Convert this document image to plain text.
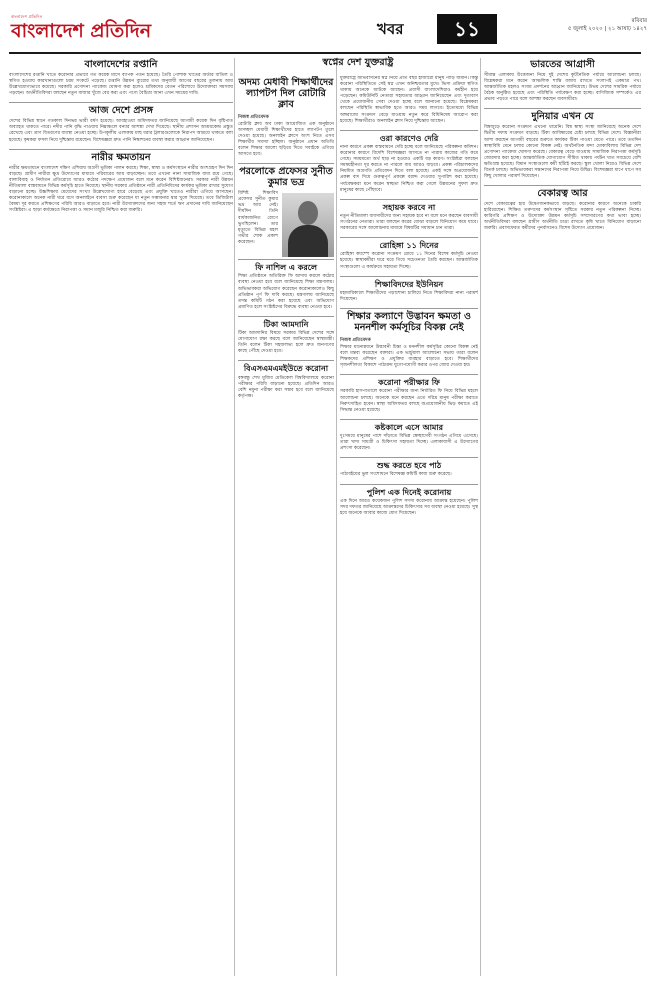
বাংলাদেশ প্রতিদিন
বাংলাদেশ প্রতিদিন	খবর	১১	রবিবার
৫ জুলাই ২০২০ | ২১ আষাঢ় ১৪২৭
বাংলাদেশের রপ্তানি
বাংলাদেশের রপ্তানি খাতে করোনার প্রভাবে গত কয়েক মাসে ব্যাপক পতন হয়েছে। তৈরি পোশাক খাতের অর্ডার বাতিল ও স্থগিত হওয়ায় কারখানাগুলো চরম সংকটে পড়েছে। রপ্তানি উন্নয়ন ব্যুরোর তথ্য অনুযায়ী আগের বছরের তুলনায় আয় উল্লেখযোগ্যভাবে কমেছে। সরকারি প্রণোদনা প্যাকেজ ঘোষণা করা হলেও শ্রমিকদের বেতন পরিশোধে উদ্যোক্তারা সমস্যায় পড়ছেন। অর্থনীতিবিদরা বলছেন নতুন বাজার খুঁজে বের করা এবং পণ্যে বৈচিত্র্য আনা এখন সময়ের দাবি।
আজ দেশে প্রসঙ্গ
দেশের বিভিন্ন স্থানে গতকাল দিনভর ভারী বর্ষণ হয়েছে। আবহাওয়া অধিদফতর জানিয়েছে আগামী কয়েক দিন বৃষ্টিপাত অব্যাহত থাকতে পারে। নদীর পানি বৃদ্ধি পাওয়ায় নিম্নাঞ্চলে বন্যার আশঙ্কা দেখা দিয়েছে। স্থানীয় প্রশাসন আশ্রয়কেন্দ্র প্রস্তুত রেখেছে এবং ত্রাণ বিতরণের ব্যবস্থা নেওয়া হচ্ছে। উপকূলীয় এলাকায় মাছ ধরার ট্রলারগুলোকে নিরাপদ আশ্রয়ে থাকতে বলা হয়েছে। কৃষকরা ফসল নিয়ে দুশ্চিন্তায় রয়েছেন। বিশেষজ্ঞরা দ্রুত পানি নিষ্কাশনের ব্যবস্থা করার আহ্বান জানিয়েছেন।
নারীর ক্ষমতায়ন
নারীর ক্ষমতায়নে বাংলাদেশ দক্ষিণ এশিয়ায় অগ্রণী ভূমিকা পালন করছে। শিক্ষা, স্বাস্থ্য ও কর্মসংস্থানে নারীর অংশগ্রহণ দিন দিন বাড়ছে। গ্রামীণ নারীরা ক্ষুদ্র উদ্যোগের মাধ্যমে পরিবারের আয় বাড়াচ্ছেন। তবে এখনো নানা সামাজিক বাধা রয়ে গেছে। বাল্যবিবাহ ও নির্যাতন প্রতিরোধে আরও কঠোর পদক্ষেপ প্রয়োজন বলে মনে করেন বিশিষ্টজনেরা। সরকার নারী উন্নয়ন নীতিমালা বাস্তবায়নে বিভিন্ন কর্মসূচি হাতে নিয়েছে। স্থানীয় সরকার প্রতিষ্ঠানে নারী প্রতিনিধিদের কার্যকর ভূমিকা রাখার সুযোগ বাড়ানো হচ্ছে। উচ্চশিক্ষায় মেয়েদের সংখ্যা উল্লেখযোগ্য হারে বেড়েছে এবং প্রযুক্তি খাতেও নারীরা এগিয়ে আসছেন। করোনাকালে অনেক নারী ঘরে বসে অনলাইনে ব্যবসা শুরু করেছেন যা নতুন সম্ভাবনার দ্বার খুলে দিয়েছে। তবে ডিজিটাল বৈষম্য দূর করতে প্রশিক্ষণের পরিধি আরও বাড়াতে হবে। নারী উদ্যোক্তাদের জন্য সহজ শর্তে ঋণ প্রদানের দাবি জানিয়েছেন সংশ্লিষ্টরা। এ ছাড়া কর্মক্ষেত্রে নিরাপত্তা ও সমান মজুরি নিশ্চিত করা জরুরি।
অদম্য মেধাবী শিক্ষার্থীদের ল্যাপটপ দিল রোটারি ক্লাব
নিজস্ব প্রতিবেদক
রোটারি ক্লাব অব ঢাকা আয়োজিত এক অনুষ্ঠানে অসচ্ছল মেধাবী শিক্ষার্থীদের হাতে ল্যাপটপ তুলে দেওয়া হয়েছে। অনলাইন ক্লাসে অংশ নিতে এসব শিক্ষার্থীর সমস্যা হচ্ছিল। অনুষ্ঠানে প্রধান অতিথি বলেন শিক্ষার আলো ছড়িয়ে দিতে সবাইকে এগিয়ে আসতে হবে।
পরলোকে প্রফেসর সুনীত কুমার ভদ্র
বিশিষ্ট শিক্ষাবিদ প্রফেসর সুনীত কুমার ভদ্র আর নেই। দীর্ঘদিন তিনি বার্ধক্যজনিত রোগে ভুগছিলেন। তার মৃত্যুতে বিভিন্ন মহল গভীর শোক প্রকাশ করেছেন।
ফি নাশিল এ করলে
শিক্ষা প্রতিষ্ঠানে অতিরিক্ত ফি আদায় করলে কঠোর ব্যবস্থা নেওয়া হবে বলে জানিয়েছে শিক্ষা মন্ত্রণালয়। অভিভাবকরা অভিযোগ করেছেন করোনাকালেও কিছু প্রতিষ্ঠান পূর্ণ ফি দাবি করছে। মন্ত্রণালয় জানিয়েছে তদন্ত কমিটি গঠন করা হয়েছে এবং অভিযোগ প্রমাণিত হলে সংশ্লিষ্টদের বিরুদ্ধে ব্যবস্থা নেওয়া হবে।
টিকা আমদানি
টিকা আমদানির বিষয়ে সরকার বিভিন্ন দেশের সঙ্গে যোগাযোগ রক্ষা করছে বলে জানিয়েছেন স্বাস্থ্যমন্ত্রী। তিনি বলেন টিকা সহজলভ্য হলে দ্রুত জনগণের কাছে পৌঁছে দেওয়া হবে।
বিএসএমএমইউতে করোনা
বঙ্গবন্ধু শেখ মুজিব মেডিকেল বিশ্ববিদ্যালয়ে করোনা পরীক্ষার পরিধি বাড়ানো হয়েছে। প্রতিদিন আরও বেশি নমুনা পরীক্ষা করা সম্ভব হবে বলে জানিয়েছে কর্তৃপক্ষ।
স্বপ্নের দেশ যুক্তরাষ্ট্র
যুক্তরাষ্ট্রে অভিবাসনের স্বপ্ন নিয়ে প্রতি বছর হাজারো মানুষ পাড়ি জমান। কিন্তু করোনা পরিস্থিতিতে সেই স্বপ্ন এখন অনিশ্চয়তার মুখে। ভিসা প্রক্রিয়া স্থগিত থাকায় অনেকে আটকে আছেন। প্রবাসী বাংলাদেশিরাও কর্মহীন হয়ে পড়েছেন। কমিউনিটি নেতারা সহায়তার আহ্বান জানিয়েছেন এবং দূতাবাস থেকে প্রয়োজনীয় সেবা দেওয়া হচ্ছে বলে জানানো হয়েছে। বিশ্লেষকরা বলছেন পরিস্থিতি স্বাভাবিক হতে আরও সময় লাগবে। ইতোমধ্যে বিভিন্ন অঙ্গরাজ্যে সংক্রমণ বেড়ে যাওয়ায় নতুন করে বিধিনিষেধ আরোপ করা হয়েছে। শিক্ষার্থীরাও অনলাইন ক্লাস নিয়ে দুশ্চিন্তায় আছেন।
ওরা কারণেও দেরি
নানা কারণে প্রকল্প বাস্তবায়নে দেরি হচ্ছে বলে জানিয়েছে পরিকল্পনা কমিশন। করোনার কারণে বিদেশি বিশেষজ্ঞরা আসতে না পারায় কাজের গতি কমে গেছে। সময়মতো অর্থ ছাড় না হওয়াও একটি বড় কারণ। সংশ্লিষ্টরা বলছেন সমন্বয়হীনতা দূর করতে না পারলে ব্যয় আরও বাড়বে। প্রকল্প পরিচালকদের নিয়মিত অগ্রগতি প্রতিবেদন দিতে বলা হয়েছে। একই সঙ্গে অপ্রয়োজনীয় প্রকল্প বাদ দিয়ে গুরুত্বপূর্ণ প্রকল্পে বরাদ্দ দেওয়ার সুপারিশ করা হয়েছে। পর্যবেক্ষকরা মনে করেন স্বচ্ছতা নিশ্চিত করা গেলে উন্নয়নের সুফল দ্রুত মানুষের কাছে পৌঁছাবে।
সহায়ক করবে না
নতুন নীতিমালা ব্যবসায়ীদের জন্য সহায়ক হবে না বলে মনে করছেন ব্যবসায়ী সংগঠনের নেতারা। তারা বলছেন করের বোঝা বাড়লে বিনিয়োগ কমে যাবে। সরকারের সঙ্গে আলোচনার মাধ্যমে বিষয়টির সমাধান চান তারা।
রোহিঙ্গা ১১ দিনের
রোহিঙ্গা ক্যাম্পে করোনা সংক্রমণ রোধে ১১ দিনের বিশেষ কর্মসূচি নেওয়া হয়েছে। স্বাস্থ্যকর্মীরা ঘরে ঘরে গিয়ে সচেতনতা তৈরি করছেন। আন্তর্জাতিক সংস্থাগুলো এ কার্যক্রমে সহায়তা দিচ্ছে।
শিক্ষাবিদদের ইউনিয়ন
মহামারিকালে শিক্ষার্থীদের পড়াশোনা চালিয়ে নিতে শিক্ষাবিদরা নানা পরামর্শ দিয়েছেন।
শিক্ষার কল্যাণে উদ্ভাবন ক্ষমতা ও মননশীল কর্মসূচির বিকল্প নেই
নিজস্ব প্রতিবেদক
শিক্ষার মানোন্নয়নে উদ্ভাবনী চিন্তা ও মননশীল কর্মসূচির কোনো বিকল্প নেই বলে মন্তব্য করেছেন বক্তারা। এক ভার্চুয়াল আলোচনা সভায় তারা বলেন শিক্ষকদের প্রশিক্ষণ ও প্রযুক্তির ব্যবহার বাড়াতে হবে। শিক্ষার্থীদের সৃজনশীলতা বিকাশে পাঠ্যক্রম যুগোপযোগী করার ওপর জোর দেওয়া হয়।
করোনা পরীক্ষার ফি
সরকারি হাসপাতালে করোনা পরীক্ষার জন্য নির্ধারিত ফি নিয়ে বিভিন্ন মহলে আলোচনা চলছে। অনেকে মনে করছেন এতে দরিদ্র মানুষ পরীক্ষা করাতে নিরুৎসাহিত হবেন। স্বাস্থ্য অধিদফতর বলছে অপ্রয়োজনীয় ভিড় কমাতে এই সিদ্ধান্ত নেওয়া হয়েছে।
কষ্টকালে এসে আমার
দুঃসময়ে মানুষের পাশে দাঁড়াতে বিভিন্ন স্বেচ্ছাসেবী সংগঠন এগিয়ে এসেছে। তারা খাদ্য সামগ্রী ও চিকিৎসা সহায়তা দিচ্ছে। এলাকাবাসী এ উদ্যোগের প্রশংসা করেছেন।
শুদ্ধ করতে হবে পাঠ
পাঠ্যবইয়ের ভুল সংশোধনে বিশেষজ্ঞ কমিটি কাজ শুরু করেছে।
পুলিশ এক দিনেই করোনায়
এক দিনে আরও কয়েকজন পুলিশ সদস্য করোনায় আক্রান্ত হয়েছেন। পুলিশ সদর দফতর জানিয়েছে আক্রান্তদের চিকিৎসার সব ব্যবস্থা নেওয়া হয়েছে। সুস্থ হয়ে অনেকে আবার কাজে যোগ দিয়েছেন।
ভারতের আগ্রাসী
সীমান্ত এলাকায় উত্তেজনা নিয়ে দুই দেশের কূটনৈতিক পর্যায়ে আলোচনা চলছে। বিশ্লেষকরা মনে করেন আঞ্চলিক শান্তি বজায় রাখতে সংলাপই একমাত্র পথ। আন্তর্জাতিক মহলও সংযম প্রদর্শনের আহ্বান জানিয়েছে। উভয় দেশের সামরিক পর্যায়ে বৈঠক অনুষ্ঠিত হয়েছে এবং পরিস্থিতি পর্যবেক্ষণ করা হচ্ছে। বাণিজ্যিক সম্পর্কেও এর প্রভাব পড়তে পারে বলে আশঙ্কা করছেন ব্যবসায়ীরা।
দুনিয়ার এখন যে
বিশ্বজুড়ে করোনা সংক্রমণ এখনো থামেনি। বিশ্ব স্বাস্থ্য সংস্থা জানিয়েছে অনেক দেশে দ্বিতীয় দফায় সংক্রমণ বাড়ছে। টিকা আবিষ্কারের চেষ্টা চলছে বিভিন্ন দেশে। বিজ্ঞানীরা আশা করছেন আগামী বছরের শুরুতে কার্যকর টিকা পাওয়া যেতে পারে। তবে ততদিন স্বাস্থ্যবিধি মেনে চলার কোনো বিকল্প নেই। অর্থনৈতিক মন্দা মোকাবিলায় বিভিন্ন দেশ প্রণোদনা প্যাকেজ ঘোষণা করেছে। বেকারত্ব বেড়ে যাওয়ায় সামাজিক নিরাপত্তা কর্মসূচি জোরদার করা হচ্ছে। আন্তর্জাতিক যোগাযোগ সীমিত থাকায় পর্যটন খাত সবচেয়ে বেশি ক্ষতিগ্রস্ত হয়েছে। বিমান সংস্থাগুলো কর্মী ছাঁটাই করছে। স্কুল খোলা নিয়েও বিভিন্ন দেশে বিতর্ক চলছে। অভিভাবকরা সন্তানদের নিরাপত্তা নিয়ে উদ্বিগ্ন। বিশেষজ্ঞরা ধাপে ধাপে সব কিছু খোলার পরামর্শ দিয়েছেন।
বেকারত্ব আর
দেশে বেকারত্বের হার উদ্বেগজনকভাবে বাড়ছে। করোনার কারণে অনেকে চাকরি হারিয়েছেন। শিক্ষিত তরুণদের কর্মসংস্থান সৃষ্টিতে সরকার নতুন পরিকল্পনা নিচ্ছে। কারিগরি প্রশিক্ষণ ও উদ্যোক্তা উন্নয়ন কর্মসূচি সম্প্রসারণের কথা ভাবা হচ্ছে। অর্থনীতিবিদরা বলছেন গ্রামীণ অর্থনীতি চাঙা রাখতে কৃষি খাতে বিনিয়োগ বাড়ানো জরুরি। প্রবাসফেরত কর্মীদের পুনর্বাসনেও বিশেষ উদ্যোগ প্রয়োজন।
